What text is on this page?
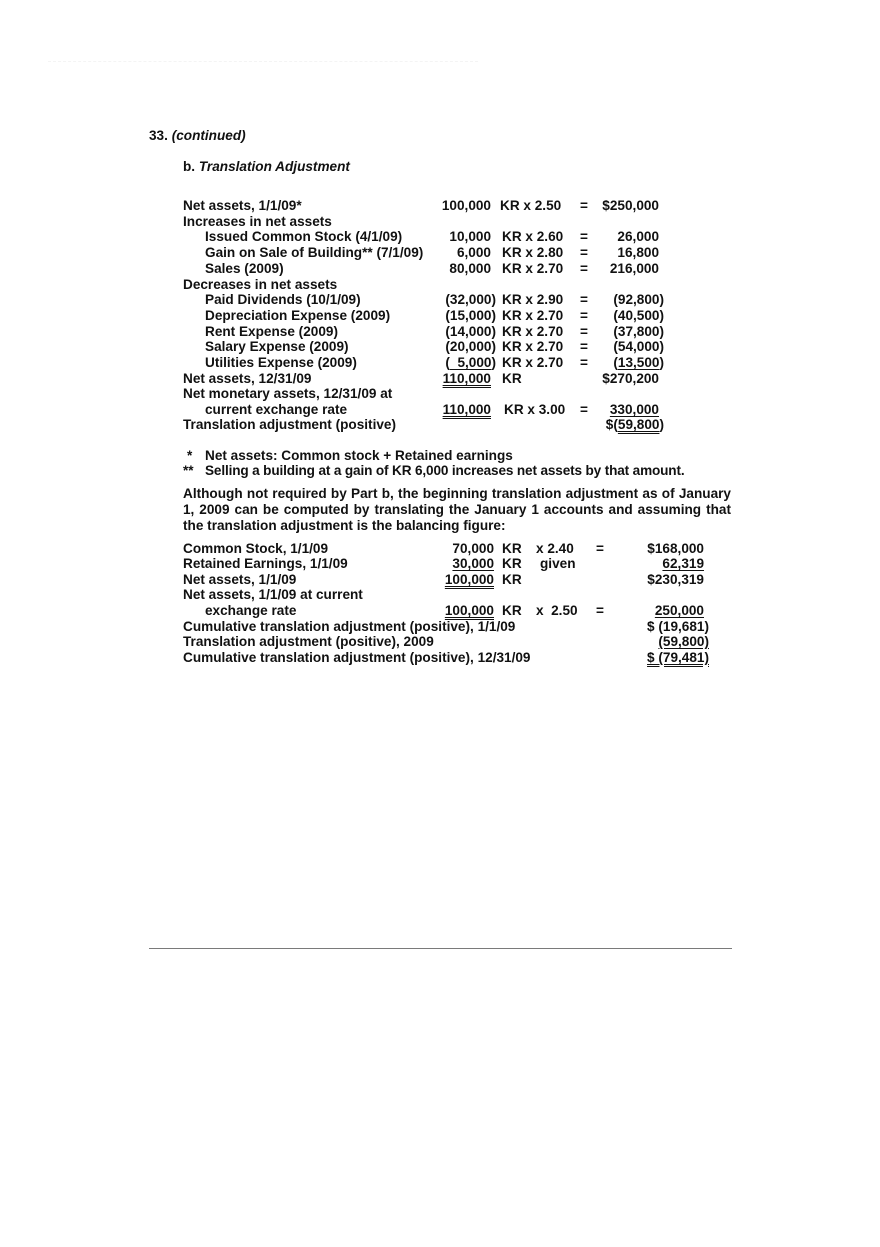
33. (continued)
b. Translation Adjustment
Net assets, 1/1/09*	100,000 KR x 2.50 =	$250,000
Increases in net assets
Issued Common Stock (4/1/09)	10,000 KR x 2.60 =	26,000
Gain on Sale of Building** (7/1/09)	6,000 KR x 2.80 =	16,800
Sales (2009)	80,000 KR x 2.70 =	216,000
Decreases in net assets
Paid Dividends (10/1/09)	(32,000) KR x 2.90 =	(92,800)
Depreciation Expense (2009)	(15,000) KR x 2.70 =	(40,500)
Rent Expense (2009)	(14,000) KR x 2.70 =	(37,800)
Salary Expense (2009)	(20,000) KR x 2.70 =	(54,000)
Utilities Expense (2009)	(  5,000) KR x 2.70 =	(13,500)
Net assets, 12/31/09	110,000 KR	$270,200
Net monetary assets, 12/31/09 at
current exchange rate	110,000 KR x 3.00 =	330,000
Translation adjustment (positive)	$(59,800)
* Net assets: Common stock + Retained earnings
** Selling a building at a gain of KR 6,000 increases net assets by that amount.
Although not required by Part b, the beginning translation adjustment as of January 1, 2009 can be computed by translating the January 1 accounts and assuming that the translation adjustment is the balancing figure:
Common Stock, 1/1/09	70,000 KR x 2.40 =	$168,000
Retained Earnings, 1/1/09	30,000 KR given	62,319
Net assets, 1/1/09	100,000 KR	$230,319
Net assets, 1/1/09 at current
exchange rate	100,000 KR x  2.50 =	250,000
Cumulative translation adjustment (positive), 1/1/09	$ (19,681)
Translation adjustment (positive), 2009	(59,800)
Cumulative translation adjustment (positive), 12/31/09	$ (79,481)
